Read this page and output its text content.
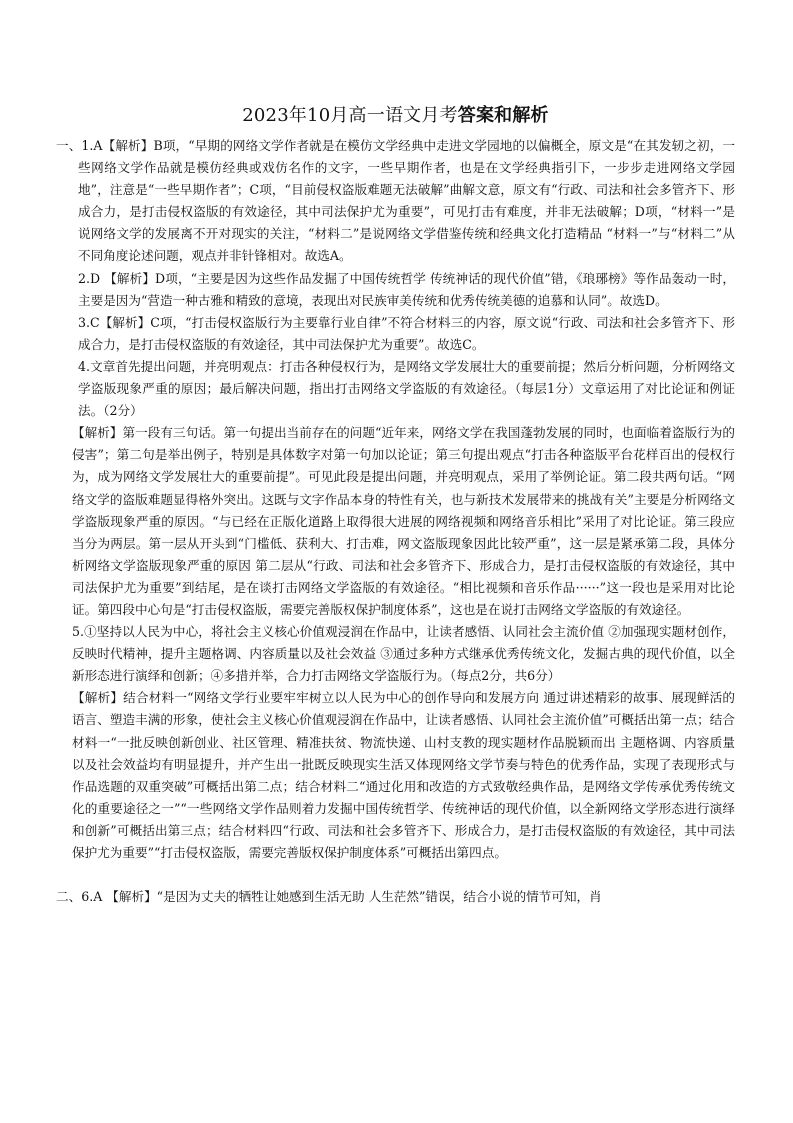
2023年10月高一语文月考答案和解析

一、1.A【解析】B项，“早期的网络文学作者就是在模仿文学经典中走进文学园地的以偏概全，原文是“在其发轫之初，一些网络文学作品就是模仿经典或戏仿名作的文字，一些早期作者，也是在文学经典指引下，一步步走进网络文学园地”，注意是“一些早期作者”；C项，“目前侵权盗版难题无法破解”曲解文意，原文有“行政、司法和社会多管齐下、形成合力，是打击侵权盗版的有效途径，其中司法保护尤为重要”，可见打击有难度，并非无法破解；D项，“材料一”是说网络文学的发展离不开对现实的关注，“材料二”是说网络文学借鉴传统和经典文化打造精品 “材料一”与“材料二”从不同角度论述问题，观点并非针锋相对。故选A。

2.D 【解析】D项，“主要是因为这些作品发掘了中国传统哲学 传统神话的现代价值”错，《琅琊榜》等作品轰动一时，主要是因为“营造一种古雅和精致的意境，表现出对民族审美传统和优秀传统美德的追慕和认同”。故选D。

3.C【解析】C项，“打击侵权盗版行为主要靠行业自律”不符合材料三的内容，原文说“行政、司法和社会多管齐下、形成合力，是打击侵权盗版的有效途径，其中司法保护尤为重要”。故选C。

4.文章首先提出问题，并亮明观点：打击各种侵权行为，是网络文学发展壮大的重要前提；然后分析问题，分析网络文学盗版现象严重的原因；最后解决问题，指出打击网络文学盗版的有效途径。（每层1分）文章运用了对比论证和例证法。（2分）

【解析】第一段有三句话。第一句提出当前存在的问题“近年来，网络文学在我国蓬勃发展的同时，也面临着盗版行为的侵害”；第二句是举出例子，特别是具体数字对第一句加以论证；第三句提出观点“打击各种盗版平台花样百出的侵权行为，成为网络文学发展壮大的重要前提”。可见此段是提出问题，并亮明观点，采用了举例论证。第二段共两句话。“网络文学的盗版难题显得格外突出。这既与文字作品本身的特性有关，也与新技术发展带来的挑战有关”主要是分析网络文学盗版现象严重的原因。“与已经在正版化道路上取得很大进展的网络视频和网络音乐相比”采用了对比论证。第三段应当分为两层。第一层从开头到“门槛低、获利大、打击难，网文盗版现象因此比较严重”，这一层是紧承第二段，具体分析网络文学盗版现象严重的原因 第二层从“行政、司法和社会多管齐下、形成合力，是打击侵权盗版的有效途径，其中司法保护尤为重要”到结尾，是在谈打击网络文学盗版的有效途径。“相比视频和音乐作品······”这一段也是采用对比论证。第四段中心句是“打击侵权盗版，需要完善版权保护制度体系”，这也是在说打击网络文学盗版的有效途径。

5.①坚持以人民为中心，将社会主义核心价值观浸润在作品中，让读者感悟、认同社会主流价值 ②加强现实题材创作，反映时代精神，提升主题格调、内容质量以及社会效益 ③通过多种方式继承优秀传统文化，发掘古典的现代价值，以全新形态进行演绎和创新；④多措并举，合力打击网络文学盗版行为。（每点2分，共6分）

【解析】结合材料一“网络文学行业要牢牢树立以人民为中心的创作导向和发展方向 通过讲述精彩的故事、展现鲜活的语言、塑造丰满的形象，使社会主义核心价值观浸润在作品中，让读者感悟、认同社会主流价值”可概括出第一点；结合材料一“一批反映创新创业、社区管理、精准扶贫、物流快递、山村支教的现实题材作品脱颖而出 主题格调、内容质量以及社会效益均有明显提升，并产生出一批既反映现实生活又体现网络文学节奏与特色的优秀作品，实现了表现形式与作品选题的双重突破”可概括出第二点；结合材料二“通过化用和改造的方式致敬经典作品，是网络文学传承优秀传统文化的重要途径之一”“一些网络文学作品则着力发掘中国传统哲学、传统神话的现代价值，以全新网络文学形态进行演绎和创新”可概括出第三点；结合材料四“行政、司法和社会多管齐下、形成合力，是打击侵权盗版的有效途径，其中司法保护尤为重要”“打击侵权盗版，需要完善版权保护制度体系”可概括出第四点。

二、6.A 【解析】“是因为丈夫的牺牲让她感到生活无助 人生茫然”错误，结合小说的情节可知，肖
